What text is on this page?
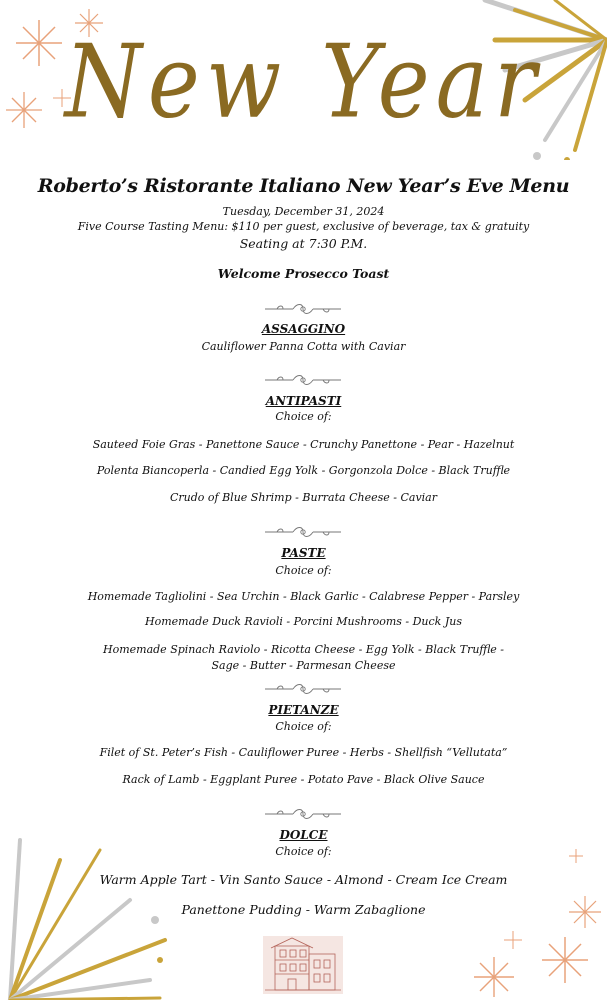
New Year
Roberto’s Ristorante Italiano New Year’s Eve Menu
Tuesday, December 31, 2024
Five Course Tasting Menu: $110 per guest, exclusive of beverage, tax & gratuity
Seating at 7:30 P.M.
Welcome Prosecco Toast
ASSAGGINO
Cauliflower Panna Cotta with Caviar
ANTIPASTI
Choice of:
Sauteed Foie Gras - Panettone Sauce - Crunchy Panettone - Pear - Hazelnut
Polenta Biancoperla - Candied Egg Yolk - Gorgonzola Dolce - Black Truffle
Crudo of Blue Shrimp - Burrata Cheese - Caviar
PASTE
Choice of:
Homemade Tagliolini - Sea Urchin - Black Garlic - Calabrese Pepper - Parsley
Homemade Duck Ravioli - Porcini Mushrooms - Duck Jus
Homemade Spinach Raviolo - Ricotta Cheese - Egg Yolk - Black Truffle -
Sage - Butter - Parmesan Cheese
PIETANZE
Choice of:
Filet of St. Peter’s Fish - Cauliflower Puree - Herbs - Shellfish “Vellutata”
Rack of Lamb - Eggplant Puree - Potato Pave - Black Olive Sauce
DOLCE
Choice of:
Warm Apple Tart - Vin Santo Sauce - Almond - Cream Ice Cream
Panettone Pudding - Warm Zabaglione
